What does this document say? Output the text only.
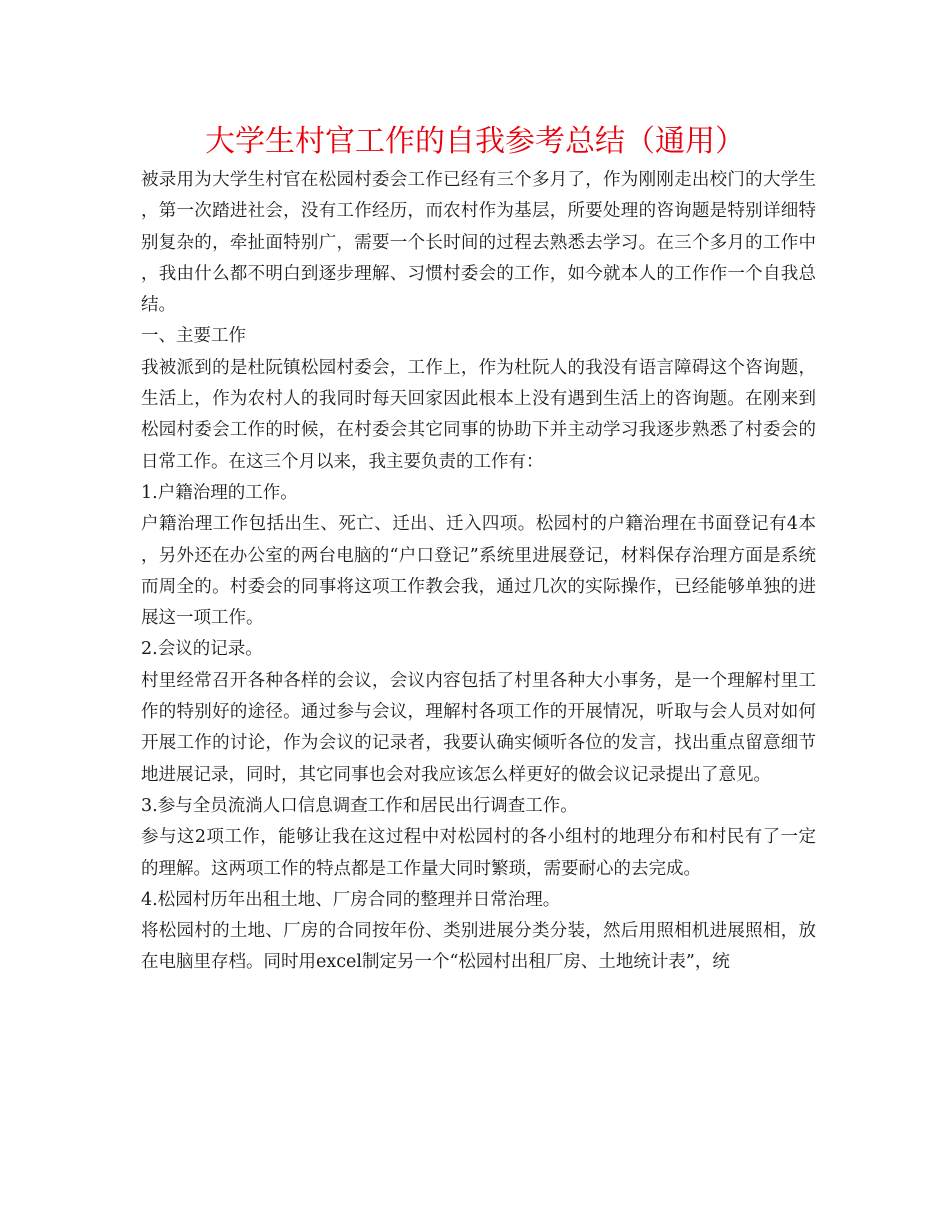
大学生村官工作的自我参考总结（通用）

被录用为大学生村官在松园村委会工作已经有三个多月了，作为刚刚走出校门的大学生，第一次踏进社会，没有工作经历，而农村作为基层，所要处理的咨询题是特别详细特别复杂的，牵扯面特别广，需要一个长时间的过程去熟悉去学习。在三个多月的工作中，我由什么都不明白到逐步理解、习惯村委会的工作，如今就本人的工作作一个自我总结。

一、主要工作

我被派到的是杜阮镇松园村委会，工作上，作为杜阮人的我没有语言障碍这个咨询题，生活上，作为农村人的我同时每天回家因此根本上没有遇到生活上的咨询题。在刚来到松园村委会工作的时候，在村委会其它同事的协助下并主动学习我逐步熟悉了村委会的日常工作。在这三个月以来，我主要负责的工作有：

1.户籍治理的工作。

户籍治理工作包括出生、死亡、迁出、迁入四项。松园村的户籍治理在书面登记有4本，另外还在办公室的两台电脑的“户口登记”系统里进展登记，材料保存治理方面是系统而周全的。村委会的同事将这项工作教会我，通过几次的实际操作，已经能够单独的进展这一项工作。

2.会议的记录。

村里经常召开各种各样的会议，会议内容包括了村里各种大小事务，是一个理解村里工作的特别好的途径。通过参与会议，理解村各项工作的开展情况，听取与会人员对如何开展工作的讨论，作为会议的记录者，我要认确实倾听各位的发言，找出重点留意细节地进展记录，同时，其它同事也会对我应该怎么样更好的做会议记录提出了意见。

3.参与全员流淌人口信息调查工作和居民出行调查工作。

参与这2项工作，能够让我在这过程中对松园村的各小组村的地理分布和村民有了一定的理解。这两项工作的特点都是工作量大同时繁琐，需要耐心的去完成。

4.松园村历年出租土地、厂房合同的整理并日常治理。

将松园村的土地、厂房的合同按年份、类别进展分类分装，然后用照相机进展照相，放在电脑里存档。同时用excel制定另一个“松园村出租厂房、土地统计表”，统
